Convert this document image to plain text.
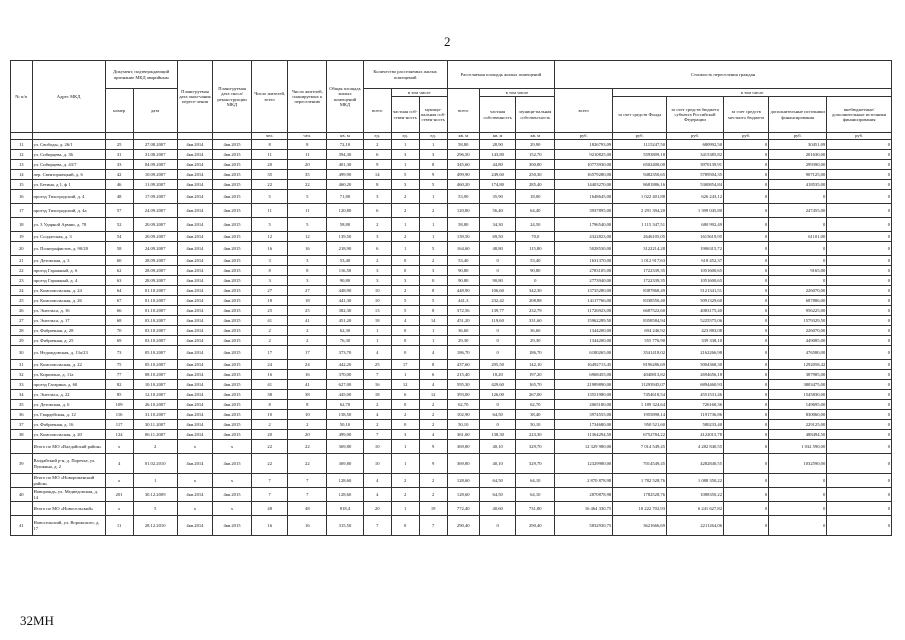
2
№ п/п	Адрес МКД	Документ, подтверждающий признание МКД аварийным		Плани-руемая дата окон-чания пересе-ления	Плани-руемая дата сноса/ реконструкции МКД	Число жителей, всего	Число жителей, планируемых к переселению	Общая площадь жилых помещений МКД	Количество расселяемых жилых помещений			Расселяемая площадь жилых помещений			Стоимость переселения граждан					
		номер	дата						всего	в том числе		всего	в том числе		всего	в том числе				
										частная соб-ствен-ность	муници-пальная соб-ствен-ность		частная собственность	муници-пальная собствен-ность		за счет средств Фонда	за счет средств бюджета субъекта Российской Федерации	за счет средств местного бюджета	дополнительные источники финансирования	внебюджетные/ дополнительные источники финансирования
						чел.	чел.	кв. м	ед.	ед.	ед.	кв. м	кв. м	кв. м	руб.	руб.	руб.	руб.	руб.	руб.
11	ул. Свободы, д. 26/1	25	27.08.2007	4кв.2014	4кв.2015	8	8	72,10	2	1	1	58,80	28,90	29,90	1826793,09	1115247,50	680992,50	0	30451,09	0
12	ул. Сибирцева, д. 36	31	31.08.2007	4кв.2014	4кв.2015	11	11	394,30	6	3	3	296,50	143,80	152,70	9210825,00	5593809,18	3415385,82	0	201630,00	0
13	ул. Сибирцева, д. 43/7	33	04.09.2007	4кв.2014	4кв.2015	20	20	401,30	9	1	8	345,60	44,80	300,80	10773930,00	6502400,00	3970139,91	0	299390,00	0
14	пер. Свенторжецкий, д. 6	42	10.09.2007	4кв.2014	4кв.2015	35	35	499,90	14	5	9	499,90	249,60	250,30	16579280,00	9482350,65	5789504,35	0	907125,00	0
15	ул. Бетина, д 1, ф 1	46	11.09.2007	4кв.2014	4кв.2015	22	22	460,20	8	3	5	460,20	174,80	285,40	14403270,00	8681886,16	5300854,84	0	418535,00	0
16	проезд Тихоградский, д. 4	48	17.09.2007	4кв.2014	4кв.2015	5	5	71,80	3	2	1	53,90	35,90	18,00	1648645,00	1 022 401,88	626 243,12	0	0	0
17	проезд Тихоградский, д. 4а	57	24.09.2007	4кв.2014	4кв.2015	11	11	120,80	6	2	2	120,80	56,40	64,40	3937895,00	2 291 394,20	1 399 045,80	0	247455,00	0
18	ул. 3 Ударной Армии, д. 78	52	20.09.2007	4кв.2014	4кв.2015	5	5	58,80	2	1	1	58,80	34,30	24,50	1796540,00	1 115 347,51	680 992,49	0	0	0
19	ул. Солдатская, д. 3	54	20.09.2007	4кв.2014	4кв.2015	12	12	139,50	3	2	1	139,50	69,50	70,0	4322823,00	2646105,05	1615619,95	0	61101,00	0
20	ул. Полиграфистов, д. 90/20	58	24.09.2007	4кв.2014	4кв.2015	16	16	218,90	6	1	5	164,60	48,80	115,80	5028530,00	3122214,28	1906315,72	0	0	0
21	ул. Детовская, д. 3	60	28.09.2007	4кв.2014	4кв.2015	3	3	53,40	2	0	2	53,40	0	53,40	1631370,00	1 012 917,63	618 452,37	0	0	0
22	проезд Гаражный, д. 6	62	28.09.2007	4кв.2014	4кв.2015	8	8	116,50	3	0	3	90,80	0	90,80	2783105,00	1722339,35	1051600,65	0	9165,00	0
23	проезд Гаражный, д. 4	63	28.09.2007	4кв.2014	4кв.2015	3	3	90,80	3	3	0	90,80	90,80	0	2773940,00	1722339,35	1051600,65	0	0	0
24	ул. Комсомольская, д. 24	64	01.10.2007	4кв.2014	4кв.2015	27	27	448,90	10	2	8	448,90	106,60	342,30	13735280,00	8387868,49	5121341,51	0	226070,00	0
25	ул. Комсомольская, д. 26	67	01.10.2007	4кв.2014	4кв.2015	18	18	441,30	10	5	5	441,3	232,42	208,88	14117766,00	8338550,40	5091329,60	0	687886,00	0
26	ул. Энгельса, д. 16	66	01.10.2007	4кв.2014	4кв.2015	25	25	382,30	13	5	8	372,56	139,77	232,79	11726923,00	6687522,60	4083175,40	0	956225,00	0
27	ул. Энгельса, д. 17	68	03.10.2007	4кв.2014	4кв.2015	41	41	451,20	18	4	14	451,20	119,60	331,60	15962289,50	8358584,94	5225575,06	0	1579329,50	0
28	ул. Фабричная, д. 28	70	03.10.2007	4кв.2014	4кв.2015	2	2	62,30	1	0	1	36,60	0	36,60	1344200,00	694 246,92	423 883,08	0	226070,00	0
29	ул. Фабричная, д. 25	69	03.10.2007	4кв.2014	4кв.2015	2	2	76,30	1	0	1	29,30	0	29,30	1344200,00	555 776,90	339 338,10	0	449085,00	0
30	ул. Недождовская, д. 13а/23	73	05.10.2007	4кв.2014	4кв.2015	17	17	373,70	4	0	4	186,70	0	186,70	6180265,00	3541418,02	2162266,98	0	476580,00	0
31	ул. Комсомольская, д. 22	75	05.10.2007	4кв.2014	4кв.2015	24	24	442,20	25	17	8	437,60	295,50	142,10	16492713,45	8196286,69	5004368,30	0	1292058,42	0
32	ул. Кирпично, д. 11а	77	08.10.2007	4кв.2014	4кв.2015	16	16	370,00	7	1	6	215,40	18,20	197,20	6968455,00	4040813,82	2694656,18	0	387985,00	0
33	проезд Гагарина, д. 60	82	10.10.2007	4кв.2014	4кв.2015	41	41	627,00	16	12	4	595,30	429,60	165,70	21989890,00	11293945,07	6894460,93	0	3803475,00	0
34	ул. Энгельса, д. 22	85	12.10.2007	4кв.2014	4кв.2015	38	38	445,00	18	6	12	393,00	126,00	267,00	13551980,00	7454618,54	4551531,46	0	1545830,00	0
35	ул. Детовская, д. 6	109	26.10.2007	4кв.2014	4кв.2015	8	8	62,70	2	0	2	62,70	0	62,70	2065180,00	1 189 324,64	726160,36	0	149695,00	0
36	ул. Гвардейская, д. 12	116	31.10.2007	4кв.2014	4кв.2015	10	10	138,50	4	2	2	102,90	64,50	38,40	3974555,00	1955898,14	1191736,86	0	830060,00	0
37	ул. Фабричная, д. 16	117	30.11.2007	4кв.2014	4кв.2015	2	2	50,10	2	0	2	50,10	0	50,10	1734680,00	950 521,60	580233,40	0	229125,00	0
38	ул. Комсомольская, д. 20	124	06.11.2007	4кв.2014	4кв.2015	20	20	499,00	7	3	4	361,60	138,30	223,30	11364294,50	6752784,22	4122015,78	0	488494,50	0
	Итого по МО «Валдайский район»	x	2	x	x	22	22	369,80	10	1	9	369,80	40,10	329,70	12 329 980,00	7 014 549,45	4 282 840,55	0	1 032 590,00	0
39	Валдайский р-н, д. Поречье, ул. Пушкина, д. 2	4	01.02.2010	4кв.2014	4кв.2015	22	22	369,80	10	1	9	369,80	40,10	329,70	12329980,00	7014549,45	4282840,55	0	1032590,00	0
	Итого по МО «Новороженский район»	x	1	x	x	7	7	128,60	4	2	2	128,60	64,50	64,10	2 870 878,98	1 782 528,76	1 088 350,22	0	0	0
40	Новорождь, ул. Медведовская, д. 14	201	30.12.2009	4кв.2014	4кв.2015	7	7	128,60	4	2	2	128,60	64,50	64,10	2870878,98	1782528,76	1088350,22	0	0	0
	Итого по МО «Новосельский»	x	5	x	x	48	48	818,4	20	1	19	772,40	40,60	731,80	16 464 330,75	10 222 702,93	6 241 627,82	0	0	0
41	Новосельский, ул. Ворожского, д. 17	11	28.12.2010	4кв.2014	4кв.2015	16	16	315,50	7	0	7	290,40	0	290,40	5832930,75	3621666,69	2211264,06	0	0	0
32МН
